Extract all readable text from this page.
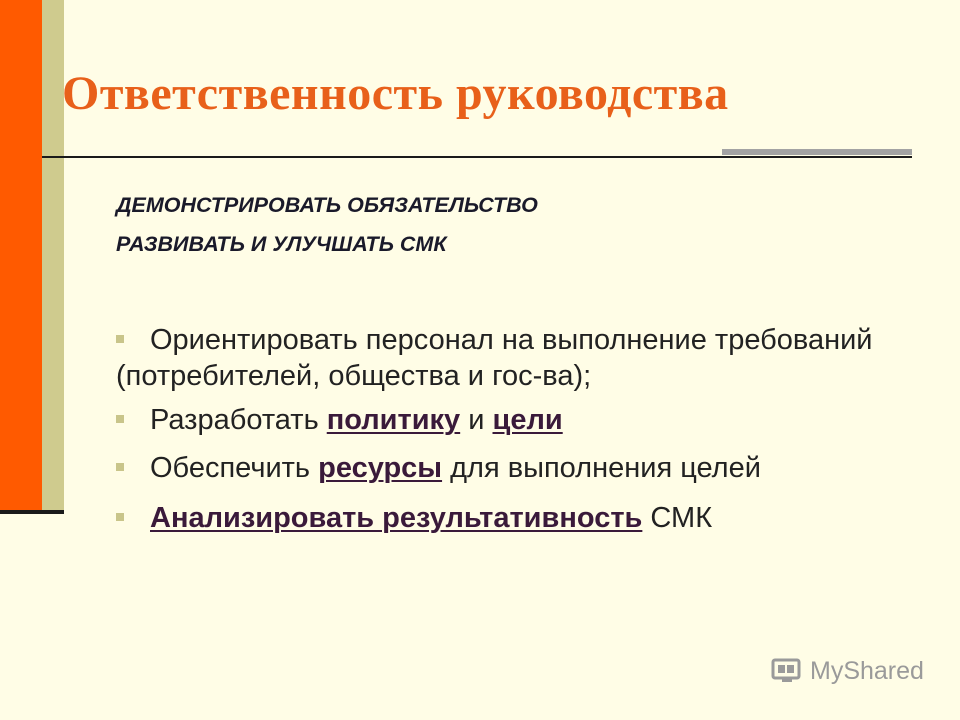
Ответственность руководства

ДЕМОНСТРИРОВАТЬ ОБЯЗАТЕЛЬСТВО

РАЗВИВАТЬ И УЛУЧШАТЬ СМК

Ориентировать персонал на выполнение требований (потребителей, общества и гос-ва);

Разработать политику и цели

Обеспечить ресурсы для выполнения целей

Анализировать результативность СМК

MyShared
